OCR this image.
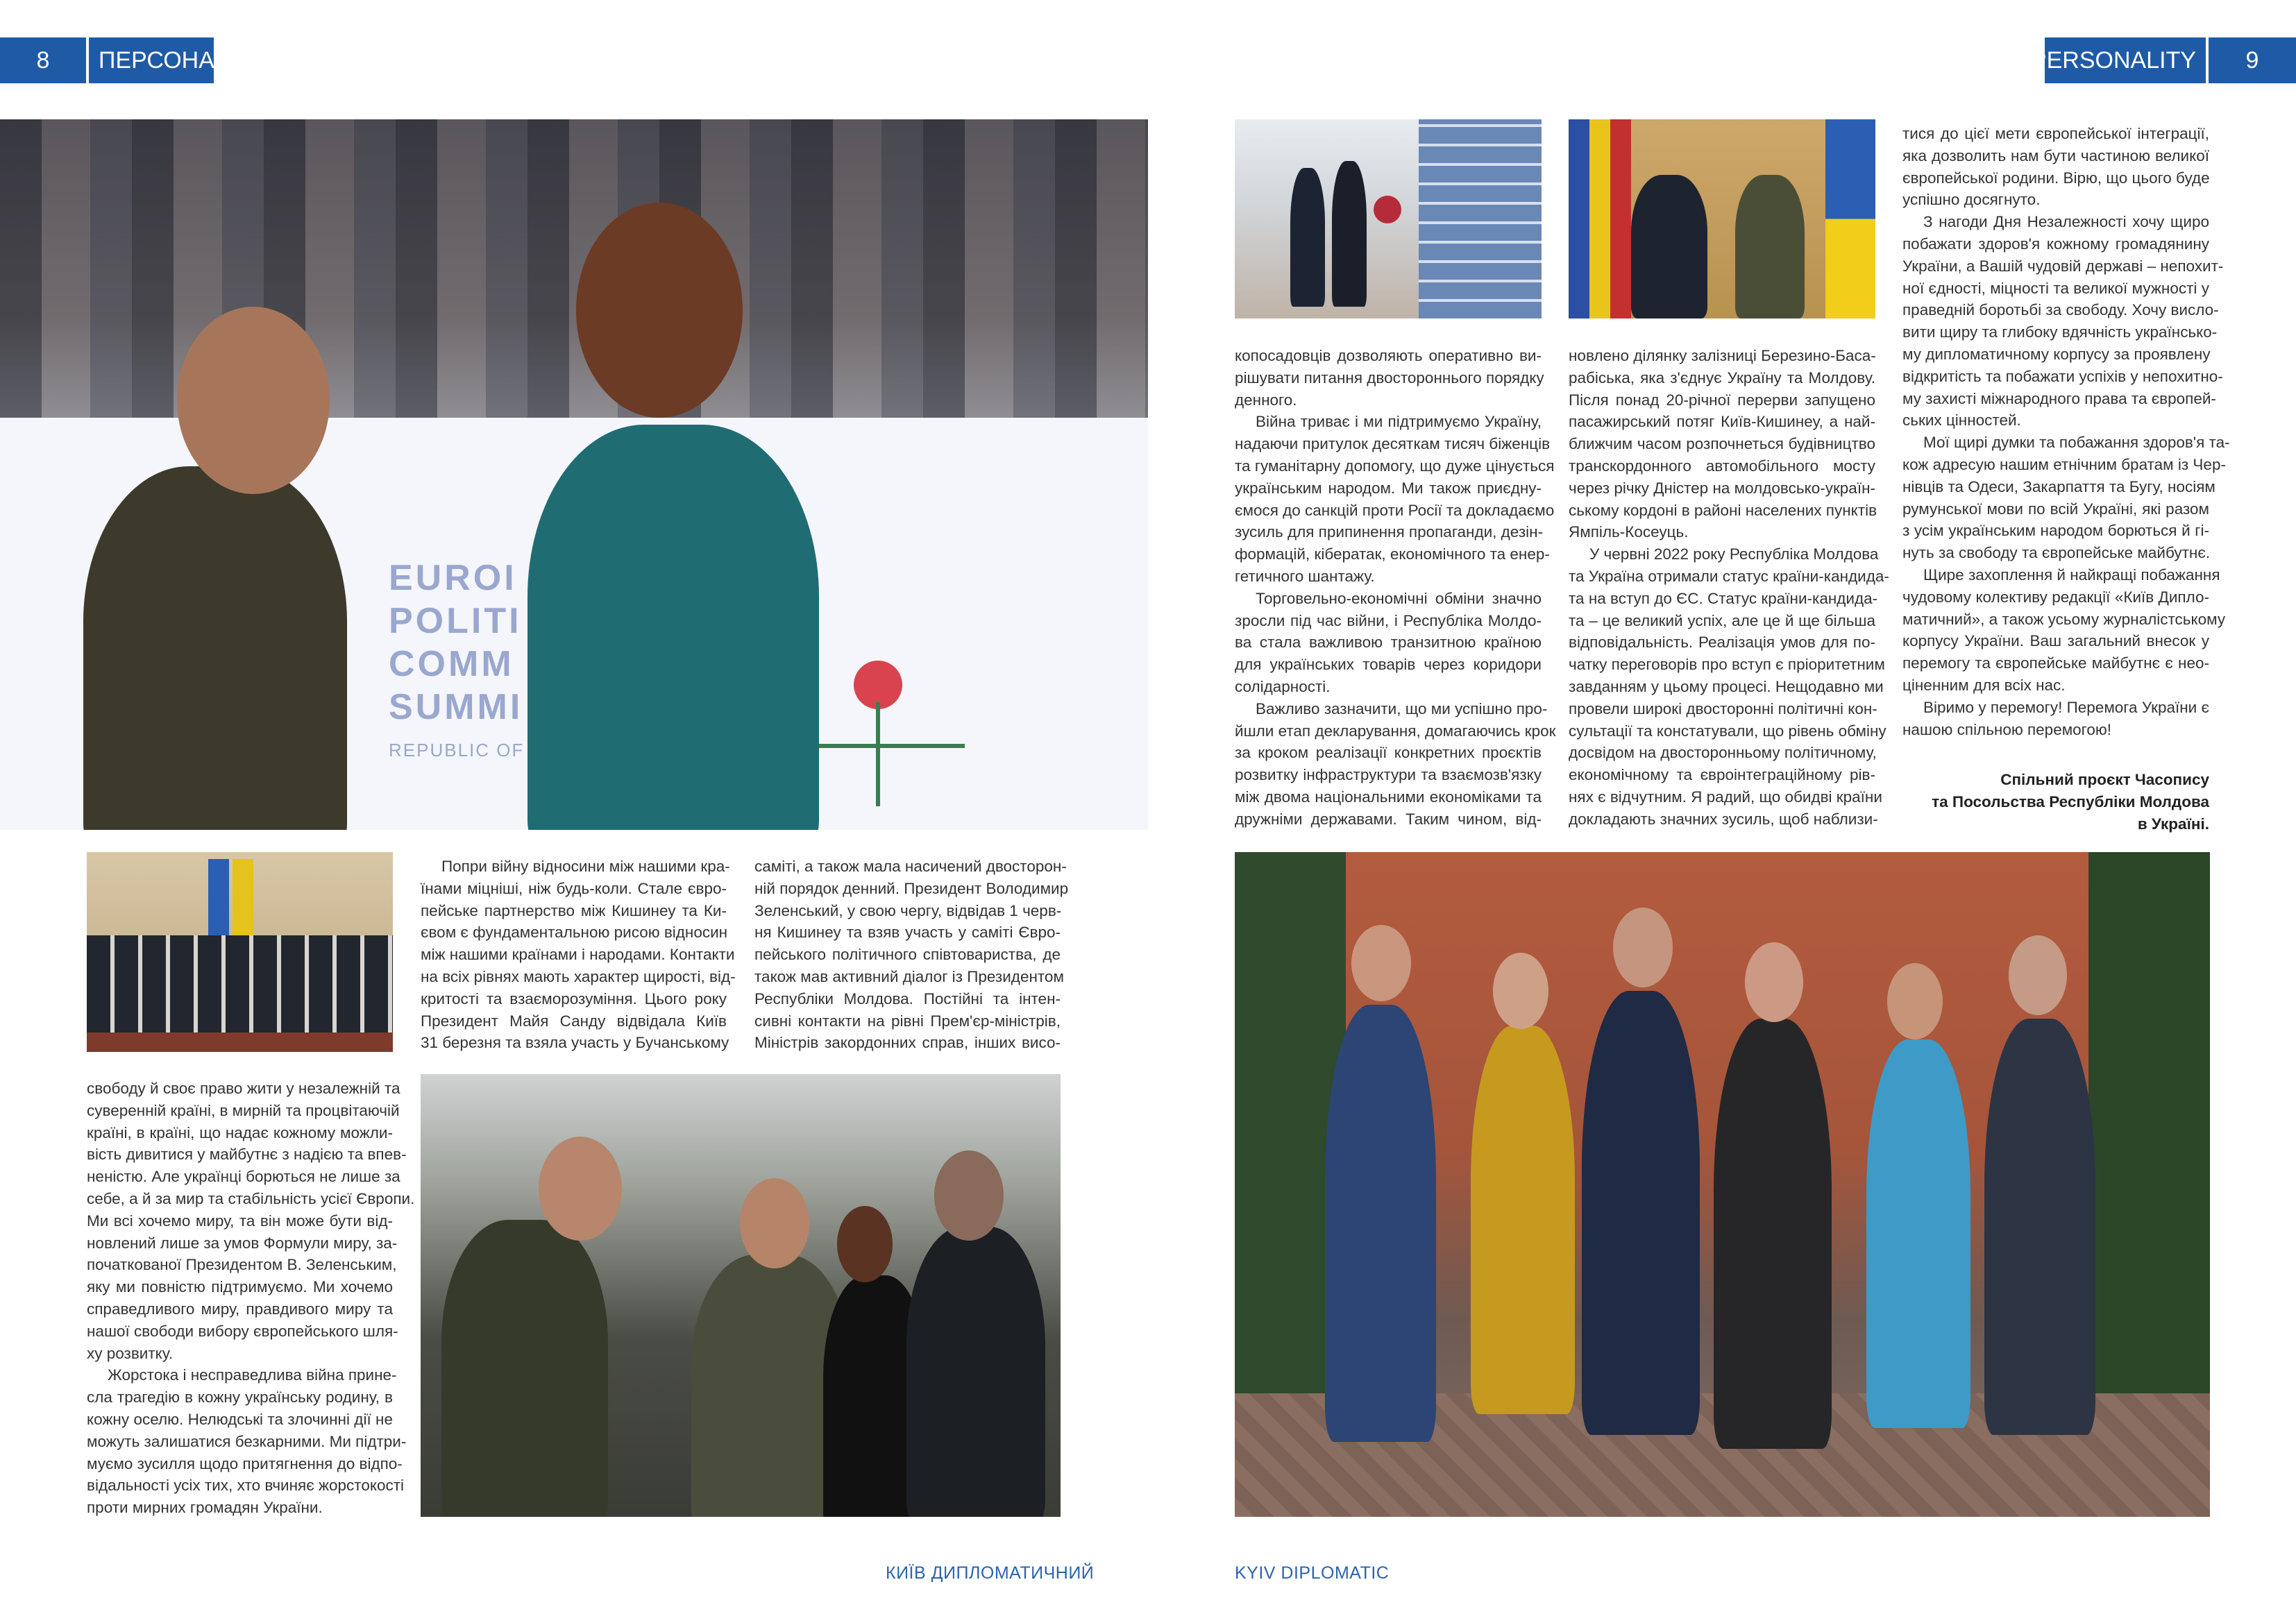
8 ПЕРСОНА	PERSONALITY 9
EUROI
POLITI
COMM
SUMMI
REPUBLIC OF
свободу й своє право жити у незалежній та
суверенній країні, в мирній та процвітаючій
країні, в країні, що надає кожному можли-
вість дивитися у майбутнє з надією та впев-
неністю. Але українці борються не лише за
себе, а й за мир та стабільність усієї Європи.
Ми всі хочемо миру, та він може бути від-
новлений лише за умов Формули миру, за-
початкованої Президентом В. Зеленським,
яку ми повністю підтримуємо. Ми хочемо
справедливого миру, правдивого миру та
нашої свободи вибору європейського шля-
ху розвитку.
Жорстока і несправедлива війна прине-
сла трагедію в кожну українську родину, в
кожну оселю. Нелюдські та злочинні дії не
можуть залишатися безкарними. Ми підтри-
муємо зусилля щодо притягнення до відпо-
відальності усіх тих, хто вчиняє жорстокості
проти мирних громадян України.
Попри війну відносини між нашими кра-
їнами міцніші, ніж будь-коли. Стале євро-
пейське партнерство між Кишинеу та Ки-
євом є фундаментальною рисою відносин
між нашими країнами і народами. Контакти
на всіх рівнях мають характер щирості, від-
критості та взаєморозуміння. Цього року
Президент Майя Санду відвідала Київ
31 березня та взяла участь у Бучанському
саміті, а також мала насичений двосторон-
ній порядок денний. Президент Володимир
Зеленський, у свою чергу, відвідав 1 черв-
ня Кишинеу та взяв участь у саміті Євро-
пейського політичного співтовариства, де
також мав активний діалог із Президентом
Республіки Молдова. Постійні та інтен-
сивні контакти на рівні Прем'єр-міністрів,
Міністрів закордонних справ, інших висо-
копосадовців дозволяють оперативно ви-
рішувати питання двостороннього порядку
денного.
Війна триває і ми підтримуємо Україну,
надаючи притулок десяткам тисяч біженців
та гуманітарну допомогу, що дуже цінується
українським народом. Ми також приєдну-
ємося до санкцій проти Росії та докладаємо
зусиль для припинення пропаганди, дезін-
формацій, кібератак, економічного та енер-
гетичного шантажу.
Торговельно-економічні обміни значно
зросли під час війни, і Республіка Молдо-
ва стала важливою транзитною країною
для українських товарів через коридори
солідарності.
Важливо зазначити, що ми успішно про-
йшли етап декларування, домагаючись крок
за кроком реалізації конкретних проєктів
розвитку інфраструктури та взаємозв'язку
між двома національними економіками та
дружніми державами. Таким чином, від-
новлено ділянку залізниці Березино-Баса-
рабіська, яка з'єднує Україну та Молдову.
Після понад 20-річної перерви запущено
пасажирський потяг Київ-Кишинеу, а най-
ближчим часом розпочнеться будівництво
транскордонного автомобільного мосту
через річку Дністер на молдовсько-україн-
ському кордоні в районі населених пунктів
Ямпіль-Косеуць.
У червні 2022 року Республіка Молдова
та Україна отримали статус країни-кандида-
та на вступ до ЄС. Статус країни-кандида-
та – це великий успіх, але це й ще більша
відповідальність. Реалізація умов для по-
чатку переговорів про вступ є пріоритетним
завданням у цьому процесі. Нещодавно ми
провели широкі двосторонні політичні кон-
сультації та констатували, що рівень обміну
досвідом на двосторонньому політичному,
економічному та євроінтеграційному рів-
нях є відчутним. Я радий, що обидві країни
докладають значних зусиль, щоб наблизи-
тися до цієї мети європейської інтеграції,
яка дозволить нам бути частиною великої
європейської родини. Вірю, що цього буде
успішно досягнуто.
З нагоди Дня Незалежності хочу щиро
побажати здоров'я кожному громадянину
України, а Вашій чудовій державі – непохит-
ної єдності, міцності та великої мужності у
праведній боротьбі за свободу. Хочу висло-
вити щиру та глибоку вдячність українсько-
му дипломатичному корпусу за проявлену
відкритість та побажати успіхів у непохитно-
му захисті міжнародного права та європей-
ських цінностей.
Мої щирі думки та побажання здоров'я та-
кож адресую нашим етнічним братам із Чер-
нівців та Одеси, Закарпаття та Бугу, носіям
румунської мови по всій Україні, які разом
з усім українським народом борються й гі-
нуть за свободу та європейське майбутнє.
Щире захоплення й найкращі побажання
чудовому колективу редакції «Київ Дипло-
матичний», а також усьому журналістському
корпусу України. Ваш загальний внесок у
перемогу та європейське майбутнє є нео-
ціненним для всіх нас.
Віримо у перемогу! Перемога України є
нашою спільною перемогою!
Спільний проєкт Часопису
та Посольства Республіки Молдова
в Україні.
КИЇВ ДИПЛОМАТИЧНИЙ	KYIV DIPLOMATIC
